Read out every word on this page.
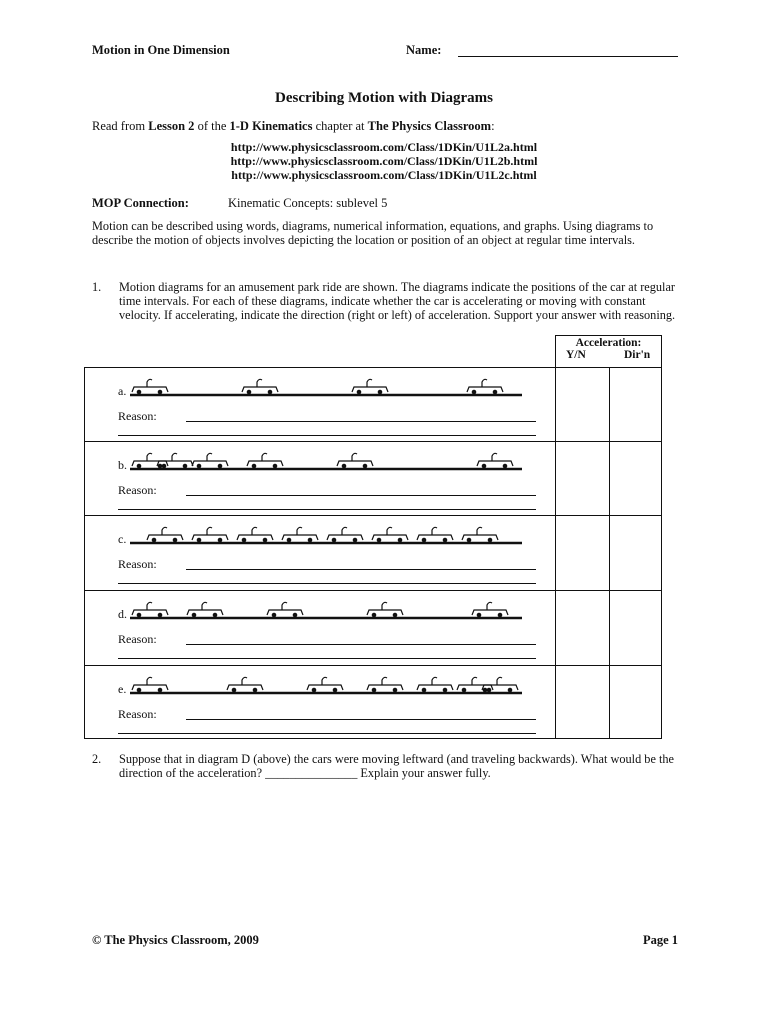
Motion in One Dimension	Name:
Describing Motion with Diagrams
Read from Lesson 2 of the 1-D Kinematics chapter at The Physics Classroom:
http://www.physicsclassroom.com/Class/1DKin/U1L2a.html
http://www.physicsclassroom.com/Class/1DKin/U1L2b.html
http://www.physicsclassroom.com/Class/1DKin/U1L2c.html
MOP Connection:	Kinematic Concepts: sublevel 5
Motion can be described using words, diagrams, numerical information, equations, and graphs. Using diagrams to describe the motion of objects involves depicting the location or position of an object at regular time intervals.
1. Motion diagrams for an amusement park ride are shown. The diagrams indicate the positions of the car at regular time intervals. For each of these diagrams, indicate whether the car is accelerating or moving with constant velocity. If accelerating, indicate the direction (right or left) of acceleration. Support your answer with reasoning.
Acceleration:
Y/N	Dir'n
a.
Reason:
b.
Reason:
c.
Reason:
d.
Reason:
e.
Reason:
2. Suppose that in diagram D (above) the cars were moving leftward (and traveling backwards). What would be the direction of the acceleration? _______________ Explain your answer fully.
© The Physics Classroom, 2009	Page 1
